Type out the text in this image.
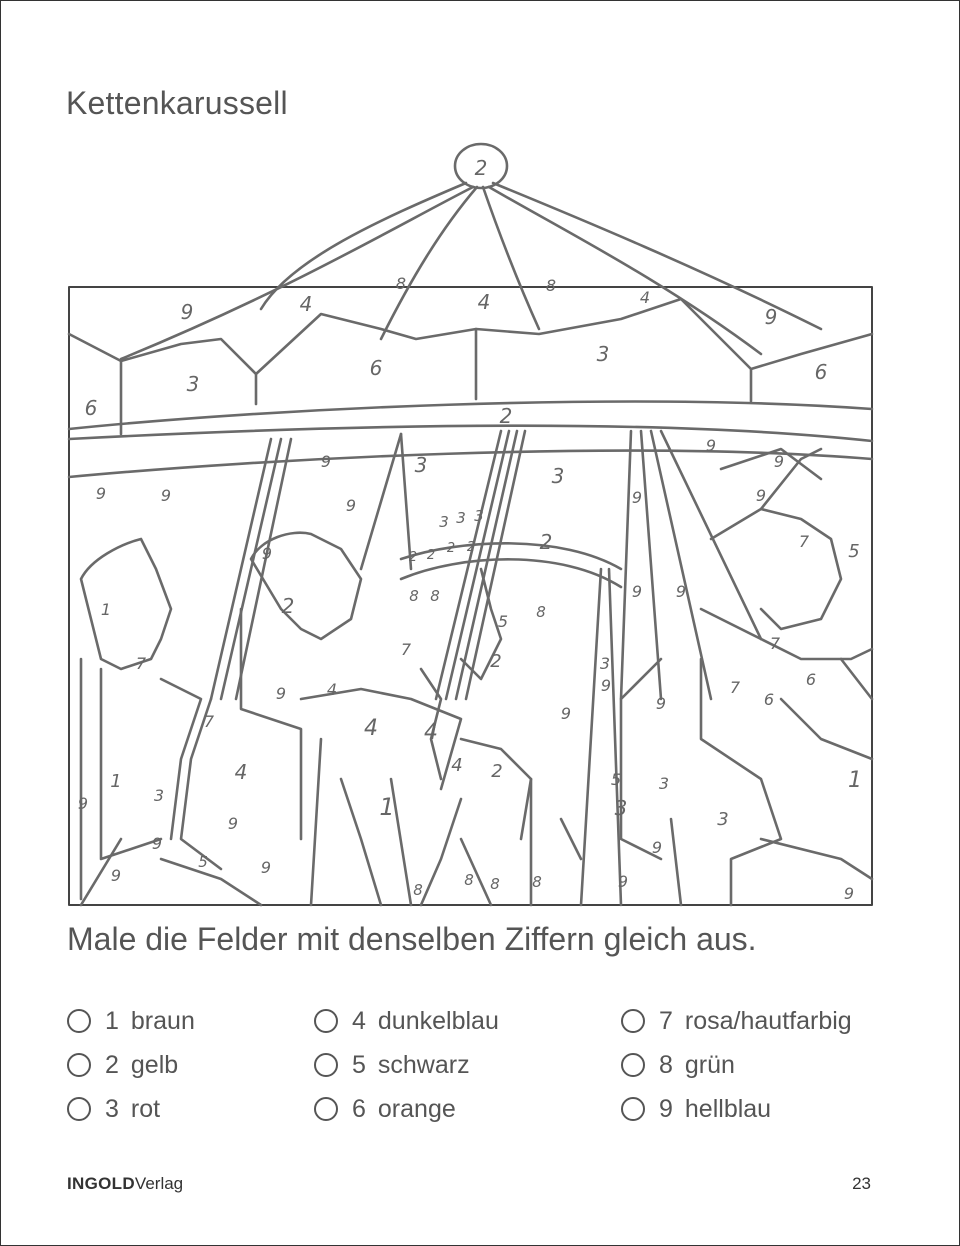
Kettenkarussell
2
4
8
4
8
4
9	9
3
6
3
6
6	2
9	3	3
9	9
9	9
9
9
9
3 3 3
2
2 2 2 2
1
9
2
7
8 8
5 8
9 9
7
5
7
7
2
4
9
4 4
4 2
9
9
9
7
6
6
3
5
4
3
1
1
1
3
9
5
9
9
9
9
8
8 8 8	9
3
3
9
9
7
Male die Felder mit denselben Ziffern gleich aus.
1 braun
2 gelb
3 rot
4 dunkelblau
5 schwarz
6 orange
7 rosa/hautfarbig
8 grün
9 hellblau
INGOLDVerlag	23
